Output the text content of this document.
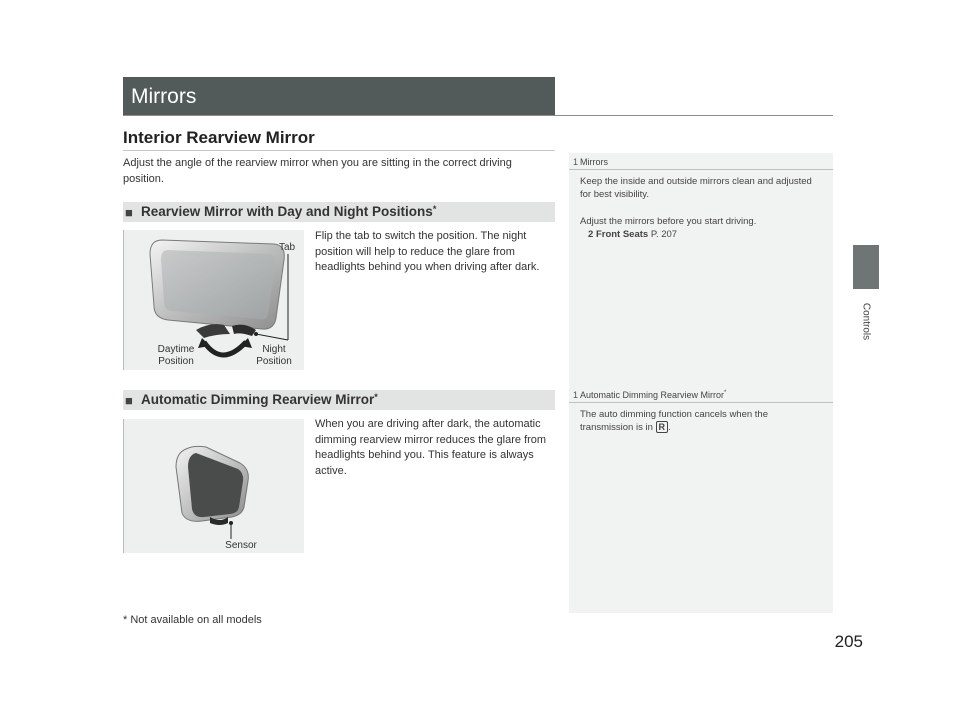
Mirrors
Controls
Interior Rearview Mirror
Adjust the angle of the rearview mirror when you are sitting in the correct driving position.
■ Rearview Mirror with Day and Night Positions*
Tab
Daytime
Position
Night
Position
Flip the tab to switch the position. The night position will help to reduce the glare from headlights behind you when driving after dark.
■ Automatic Dimming Rearview Mirror*
Sensor
When you are driving after dark, the automatic dimming rearview mirror reduces the glare from headlights behind you. This feature is always active.
1 Mirrors
Keep the inside and outside mirrors clean and adjusted for best visibility.
Adjust the mirrors before you start driving.
2 Front Seats P. 207
1 Automatic Dimming Rearview Mirror*
The auto dimming function cancels when the transmission is in R .
* Not available on all models
205
